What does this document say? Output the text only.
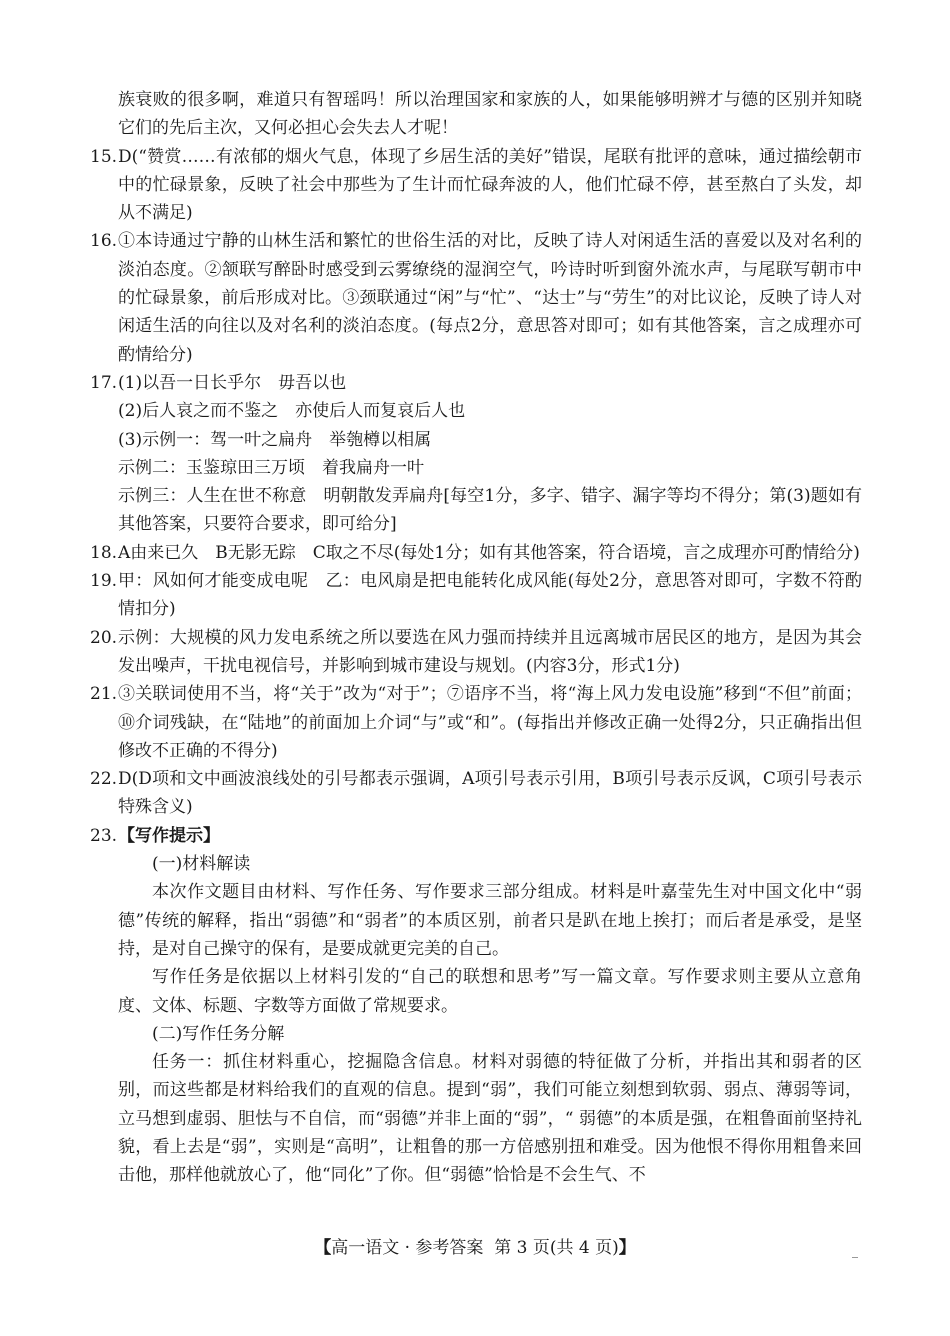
族衰败的很多啊，难道只有智瑶吗！所以治理国家和家族的人，如果能够明辨才与德的区别并知晓它们的先后主次，又何必担心会失去人才呢！

15. D(“赞赏……有浓郁的烟火气息，体现了乡居生活的美好”错误，尾联有批评的意味，通过描绘朝市中的忙碌景象，反映了社会中那些为了生计而忙碌奔波的人，他们忙碌不停，甚至熬白了头发，却从不满足)

16. ①本诗通过宁静的山林生活和繁忙的世俗生活的对比，反映了诗人对闲适生活的喜爱以及对名利的淡泊态度。②颔联写醉卧时感受到云雾缭绕的湿润空气，吟诗时听到窗外流水声，与尾联写朝市中的忙碌景象，前后形成对比。③颈联通过“闲”与“忙”、“达士”与“劳生”的对比议论，反映了诗人对闲适生活的向往以及对名利的淡泊态度。(每点2分，意思答对即可；如有其他答案，言之成理亦可酌情给分)

17. (1)以吾一日长乎尔　毋吾以也

(2)后人哀之而不鉴之　亦使后人而复哀后人也

(3)示例一：驾一叶之扁舟　举匏樽以相属

示例二：玉鉴琼田三万顷　着我扁舟一叶

示例三：人生在世不称意　明朝散发弄扁舟[每空1分，多字、错字、漏字等均不得分；第(3)题如有其他答案，只要符合要求，即可给分]

18. A由来已久　B无影无踪　C取之不尽(每处1分；如有其他答案，符合语境，言之成理亦可酌情给分)

19. 甲：风如何才能变成电呢　乙：电风扇是把电能转化成风能(每处2分，意思答对即可，字数不符酌情扣分)

20. 示例：大规模的风力发电系统之所以要选在风力强而持续并且远离城市居民区的地方，是因为其会发出噪声，干扰电视信号，并影响到城市建设与规划。(内容3分，形式1分)

21. ③关联词使用不当，将“关于”改为“对于”；⑦语序不当，将“海上风力发电设施”移到“不但”前面；⑩介词残缺，在“陆地”的前面加上介词“与”或“和”。(每指出并修改正确一处得2分，只正确指出但修改不正确的不得分)

22. D(D项和文中画波浪线处的引号都表示强调，A项引号表示引用，B项引号表示反讽，C项引号表示特殊含义)

23. 【写作提示】

(一)材料解读

本次作文题目由材料、写作任务、写作要求三部分组成。材料是叶嘉莹先生对中国文化中“弱德”传统的解释，指出“弱德”和“弱者”的本质区别，前者只是趴在地上挨打；而后者是承受，是坚持，是对自己操守的保有，是要成就更完美的自己。

写作任务是依据以上材料引发的“自己的联想和思考”写一篇文章。写作要求则主要从立意角度、文体、标题、字数等方面做了常规要求。

(二)写作任务分解

任务一：抓住材料重心，挖掘隐含信息。材料对弱德的特征做了分析，并指出其和弱者的区别，而这些都是材料给我们的直观的信息。提到“弱”，我们可能立刻想到软弱、弱点、薄弱等词，立马想到虚弱、胆怯与不自信，而“弱德”并非上面的“弱”，“ 弱德”的本质是强，在粗鲁面前坚持礼貌，看上去是“弱”，实则是“高明”，让粗鲁的那一方倍感别扭和难受。因为他恨不得你用粗鲁来回击他，那样他就放心了，他“同化”了你。但“弱德”恰恰是不会生气、不

【高一语文 · 参考答案 第 3 页(共 4 页)】
